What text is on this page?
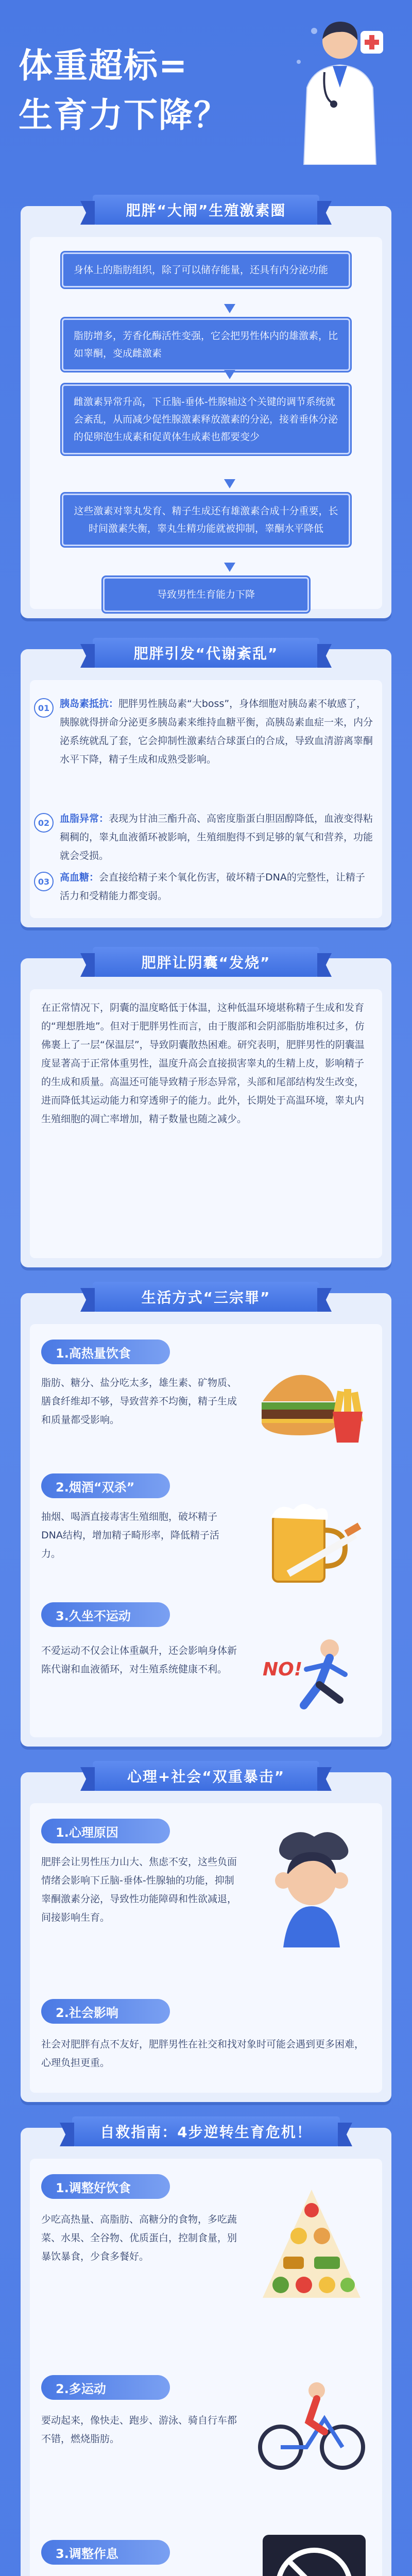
体重超标=
生育力下降？
肥胖“大闹”生殖激素圈
身体上的脂肪组织，除了可以储存能量，还具有内分泌功能
脂肪增多，芳香化酶活性变强，它会把男性体内的雄激素，比如睾酮，变成雌激素
雌激素异常升高，下丘脑-垂体-性腺轴这个关键的调节系统就会紊乱，从而减少促性腺激素释放激素的分泌，接着垂体分泌的促卵泡生成素和促黄体生成素也都要变少
这些激素对睾丸发育、精子生成还有雄激素合成十分重要，长时间激素失衡，睾丸生精功能就被抑制，睾酮水平降低
导致男性生育能力下降
肥胖引发“代谢紊乱”
01	胰岛素抵抗：肥胖男性胰岛素“大boss”，身体细胞对胰岛素不敏感了，胰腺就得拼命分泌更多胰岛素来维持血糖平衡，高胰岛素血症一来，内分泌系统就乱了套，它会抑制性激素结合球蛋白的合成，导致血清游离睾酮水平下降，精子生成和成熟受影响。
02	血脂异常：表现为甘油三酯升高、高密度脂蛋白胆固醇降低，血液变得粘稠稠的，睾丸血液循环被影响，生殖细胞得不到足够的氧气和营养，功能就会受损。
03	高血糖：会直接给精子来个氧化伤害，破坏精子DNA的完整性，让精子活力和受精能力都变弱。
肥胖让阴囊“发烧”
在正常情况下，阴囊的温度略低于体温，这种低温环境堪称精子生成和发育的“理想胜地”。但对于肥胖男性而言，由于腹部和会阴部脂肪堆积过多，仿佛裹上了一层“保温层”，导致阴囊散热困难。研究表明，肥胖男性的阴囊温度显著高于正常体重男性，温度升高会直接损害睾丸的生精上皮，影响精子的生成和质量。高温还可能导致精子形态异常，头部和尾部结构发生改变，进而降低其运动能力和穿透卵子的能力。此外，长期处于高温环境，睾丸内生殖细胞的凋亡率增加，精子数量也随之减少。
生活方式“三宗罪”
1.高热量饮食
脂肪、糖分、盐分吃太多，雄生素、矿物质、膳食纤维却不够，导致营养不均衡，精子生成和质量都受影响。
2.烟酒“双杀”
抽烟、喝酒直接毒害生殖细胞，破坏精子DNA结构，增加精子畸形率，降低精子活力。
3.久坐不运动
不爱运动不仅会让体重飙升，还会影响身体新陈代谢和血液循环，对生殖系统健康不利。	NO!
心理+社会“双重暴击”
1.心理原因
肥胖会让男性压力山大、焦虑不安，这些负面情绪会影响下丘脑-垂体-性腺轴的功能，抑制睾酮激素分泌，导致性功能障碍和性欲减退，间接影响生育。
2.社会影响
社会对肥胖有点不友好，肥胖男性在社交和找对象时可能会遇到更多困难，心理负担更重。
自救指南：4步逆转生育危机！
1.调整好饮食
少吃高热量、高脂肪、高糖分的食物，多吃蔬菜、水果、全谷物、优质蛋白，控制食量，别暴饮暴食，少食多餐好。
2.多运动
要动起来，像快走、跑步、游泳、骑自行车都不错，燃烧脂肪。
3.调整作息
